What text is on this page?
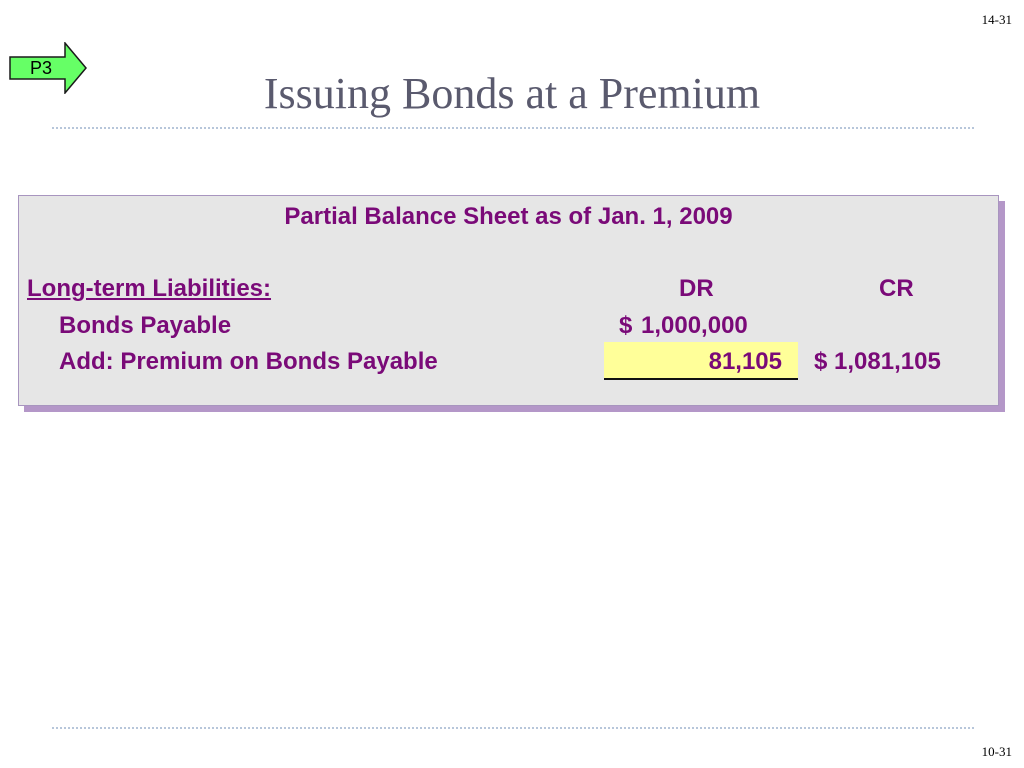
14-31
P3
Issuing Bonds at a Premium
Partial Balance Sheet as of Jan. 1, 2009
Long-term Liabilities:	DR	CR
Bonds Payable	$ 1,000,000
Add: Premium on Bonds Payable	81,105 $ 1,081,105
10-31
